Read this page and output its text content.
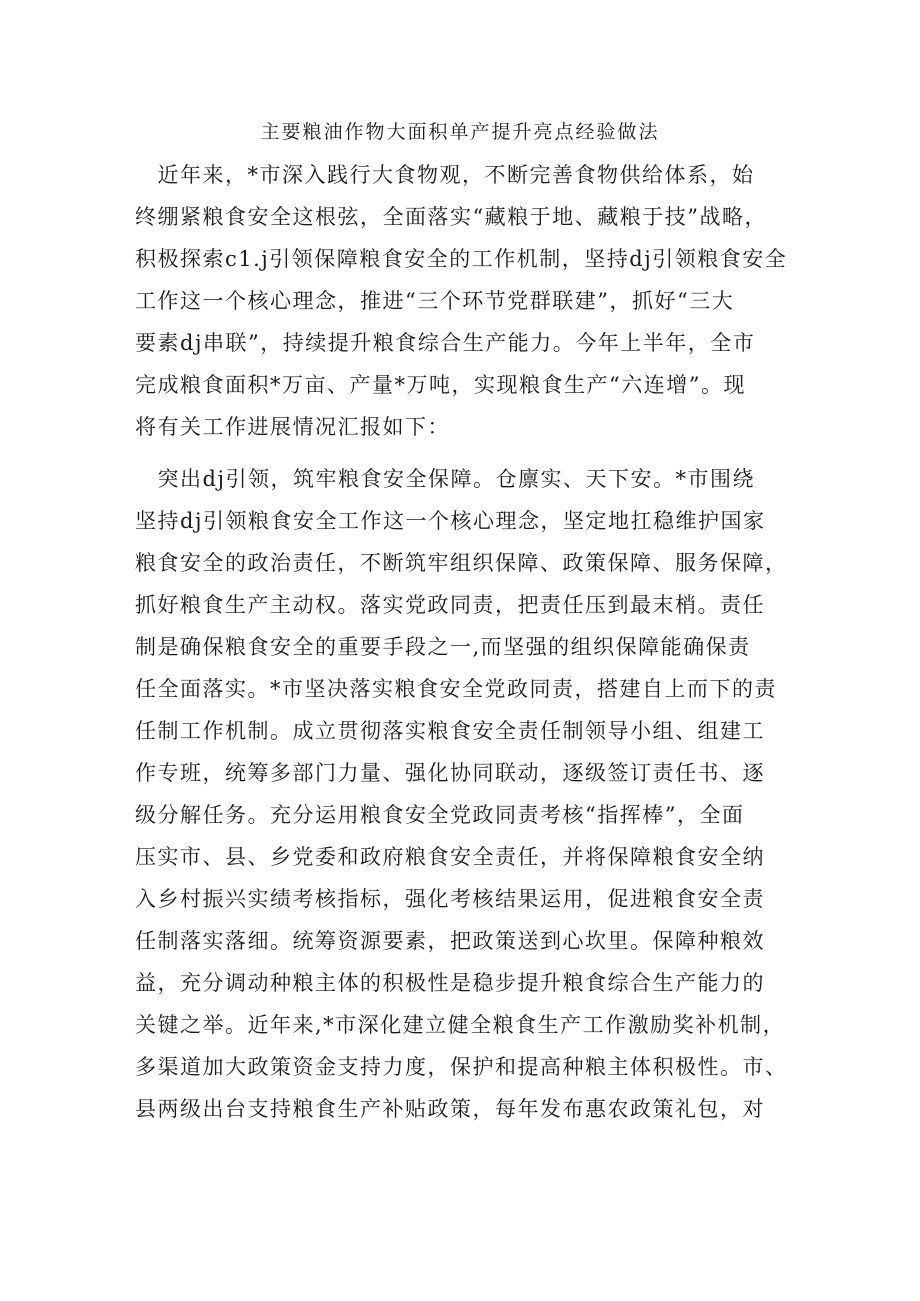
主要粮油作物大面积单产提升亮点经验做法
　近年来，*市深入践行大食物观，不断完善食物供给体系，始
终绷紧粮食安全这根弦，全面落实“藏粮于地、藏粮于技”战略，
积极探索c1.j引领保障粮食安全的工作机制，坚持dj引领粮食安全
工作这一个核心理念，推进“三个环节党群联建”，抓好“三大
要素dj串联”，持续提升粮食综合生产能力。今年上半年，全市
完成粮食面积*万亩、产量*万吨，实现粮食生产“六连增”。现
将有关工作进展情况汇报如下：
　突出dj引领，筑牢粮食安全保障。仓廪实、天下安。*市围绕
坚持dj引领粮食安全工作这一个核心理念，坚定地扛稳维护国家
粮食安全的政治责任，不断筑牢组织保障、政策保障、服务保障，
抓好粮食生产主动权。落实党政同责，把责任压到最末梢。责任
制是确保粮食安全的重要手段之一,而坚强的组织保障能确保责
任全面落实。*市坚决落实粮食安全党政同责，搭建自上而下的责
任制工作机制。成立贯彻落实粮食安全责任制领导小组、组建工
作专班，统筹多部门力量、强化协同联动，逐级签订责任书、逐
级分解任务。充分运用粮食安全党政同责考核“指挥棒”，全面
压实市、县、乡党委和政府粮食安全责任，并将保障粮食安全纳
入乡村振兴实绩考核指标，强化考核结果运用，促进粮食安全责
任制落实落细。统筹资源要素，把政策送到心坎里。保障种粮效
益，充分调动种粮主体的积极性是稳步提升粮食综合生产能力的
关键之举。近年来,*市深化建立健全粮食生产工作激励奖补机制，
多渠道加大政策资金支持力度，保护和提高种粮主体积极性。市、
县两级出台支持粮食生产补贴政策，每年发布惠农政策礼包，对
